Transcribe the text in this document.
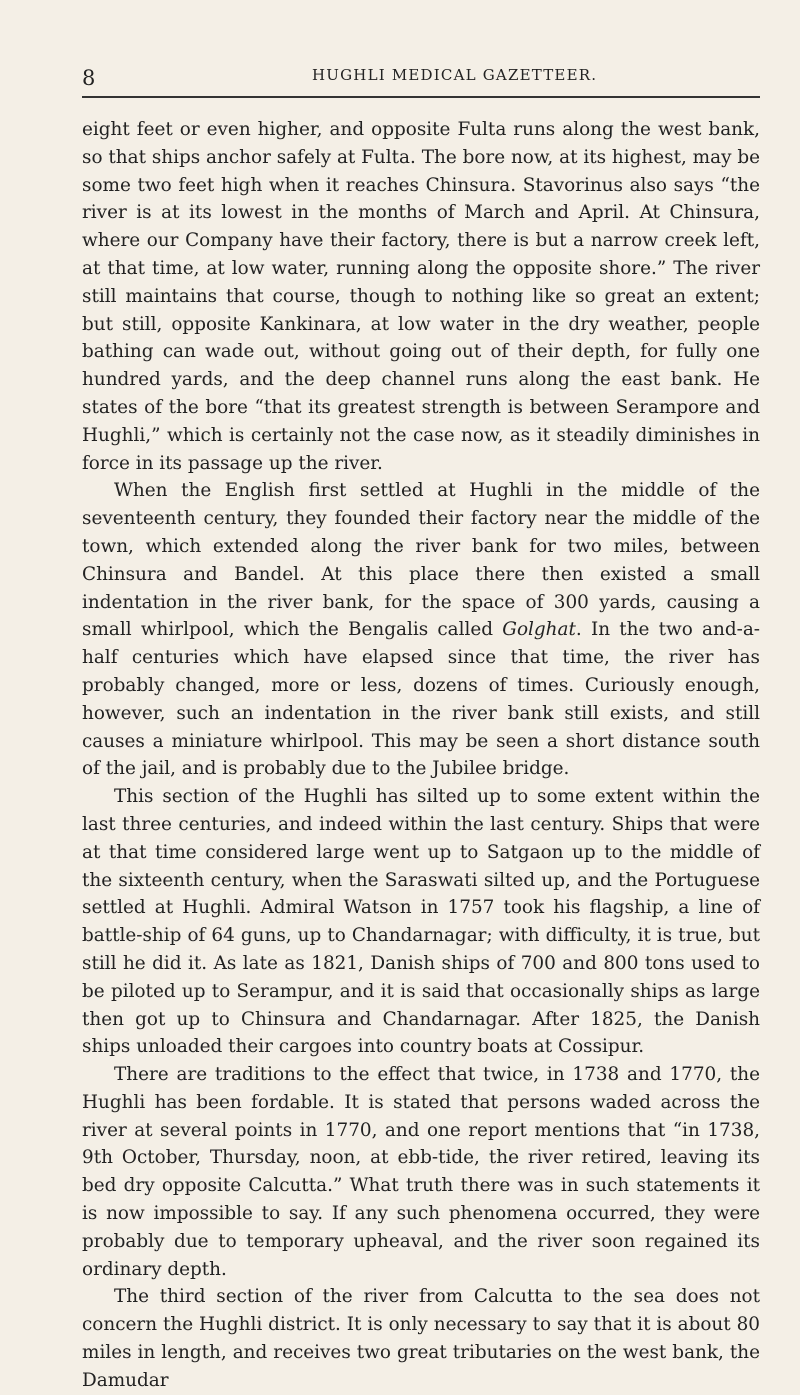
8	HUGHLI MEDICAL GAZETTEER.

eight feet or even higher, and opposite Fulta runs along the west bank, so that ships anchor safely at Fulta. The bore now, at its highest, may be some two feet high when it reaches Chinsura. Stavorinus also says “the river is at its lowest in the months of March and April. At Chinsura, where our Company have their factory, there is but a narrow creek left, at that time, at low water, running along the opposite shore.” The river still maintains that course, though to nothing like so great an extent; but still, opposite Kankinara, at low water in the dry weather, people bathing can wade out, without going out of their depth, for fully one hundred yards, and the deep channel runs along the east bank. He states of the bore “that its greatest strength is between Serampore and Hughli,” which is certainly not the case now, as it steadily diminishes in force in its passage up the river.

When the English first settled at Hughli in the middle of the seventeenth century, they founded their factory near the middle of the town, which extended along the river bank for two miles, between Chinsura and Bandel. At this place there then existed a small indentation in the river bank, for the space of 300 yards, causing a small whirlpool, which the Bengalis called Golghat. In the two and-a-half centuries which have elapsed since that time, the river has probably changed, more or less, dozens of times. Curiously enough, however, such an indentation in the river bank still exists, and still causes a miniature whirlpool. This may be seen a short distance south of the jail, and is probably due to the Jubilee bridge.

This section of the Hughli has silted up to some extent within the last three centuries, and indeed within the last century. Ships that were at that time considered large went up to Satgaon up to the middle of the sixteenth century, when the Saraswati silted up, and the Portuguese settled at Hughli. Admiral Watson in 1757 took his flagship, a line of battle-ship of 64 guns, up to Chandarnagar; with difficulty, it is true, but still he did it. As late as 1821, Danish ships of 700 and 800 tons used to be piloted up to Serampur, and it is said that occasionally ships as large then got up to Chinsura and Chandarnagar. After 1825, the Danish ships unloaded their cargoes into country boats at Cossipur.

There are traditions to the effect that twice, in 1738 and 1770, the Hughli has been fordable. It is stated that persons waded across the river at several points in 1770, and one report mentions that “in 1738, 9th October, Thursday, noon, at ebb-tide, the river retired, leaving its bed dry opposite Calcutta.” What truth there was in such statements it is now impossible to say. If any such phenomena occurred, they were probably due to temporary upheaval, and the river soon regained its ordinary depth.

The third section of the river from Calcutta to the sea does not concern the Hughli district. It is only necessary to say that it is about 80 miles in length, and receives two great tributaries on the west bank, the Damudar
